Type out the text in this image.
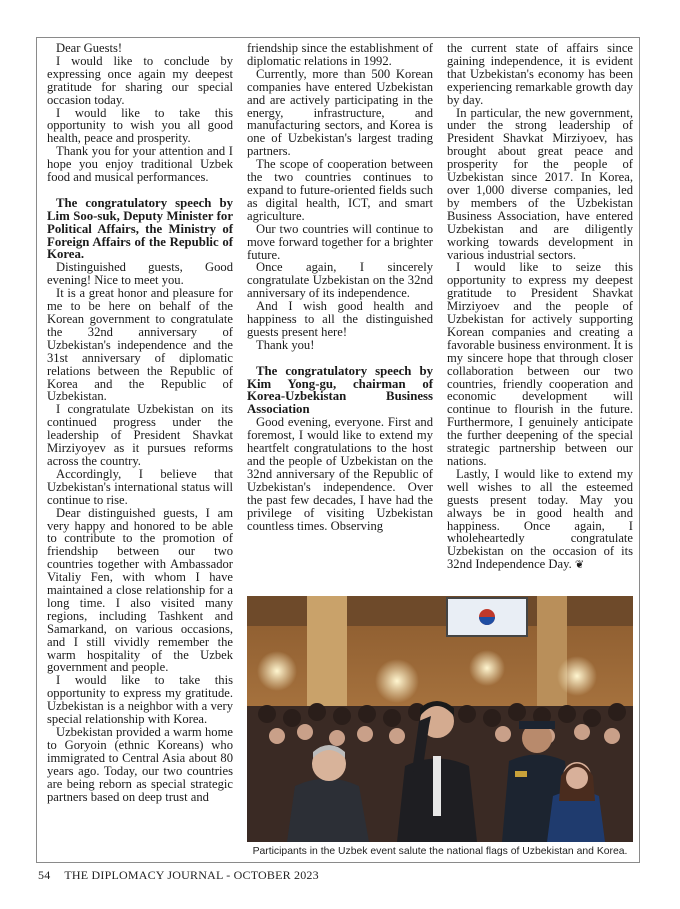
Dear Guests!

I would like to conclude by expressing once again my deepest gratitude for sharing our special occasion today.

I would like to take this opportunity to wish you all good health, peace and prosperity.

Thank you for your attention and I hope you enjoy traditional Uzbek food and musical performances.

The congratulatory speech by Lim Soo-suk, Deputy Minister for Political Affairs, the Ministry of Foreign Affairs of the Republic of Korea.

Distinguished guests, Good evening! Nice to meet you.

It is a great honor and pleasure for me to be here on behalf of the Korean government to congratulate the 32nd anniversary of Uzbekistan's independence and the 31st anniversary of diplomatic relations between the Republic of Korea and the Republic of Uzbekistan.

I congratulate Uzbekistan on its continued progress under the leadership of President Shavkat Mirziyoyev as it pursues reforms across the country.

Accordingly, I believe that Uzbekistan's international status will continue to rise.

Dear distinguished guests, I am very happy and honored to be able to contribute to the promotion of friendship between our two countries together with Ambassador Vitaliy Fen, with whom I have maintained a close relationship for a long time. I also visited many regions, including Tashkent and Samarkand, on various occasions, and I still vividly remember the warm hospitality of the Uzbek government and people.

I would like to take this opportunity to express my gratitude. Uzbekistan is a neighbor with a very special relationship with Korea.

Uzbekistan provided a warm home to Goryoin (ethnic Koreans) who immigrated to Central Asia about 80 years ago. Today, our two countries are being reborn as special strategic partners based on deep trust and

friendship since the establishment of diplomatic relations in 1992.

Currently, more than 500 Korean companies have entered Uzbekistan and are actively participating in the energy, infrastructure, and manufacturing sectors, and Korea is one of Uzbekistan's largest trading partners.

The scope of cooperation between the two countries continues to expand to future-oriented fields such as digital health, ICT, and smart agriculture.

Our two countries will continue to move forward together for a brighter future.

Once again, I sincerely congratulate Uzbekistan on the 32nd anniversary of its independence.

And I wish good health and happiness to all the distinguished guests present here!

Thank you!

The congratulatory speech by Kim Yong-gu, chairman of Korea-Uzbekistan Business Association

Good evening, everyone. First and foremost, I would like to extend my heartfelt congratulations to the host and the people of Uzbekistan on the 32nd anniversary of the Republic of Uzbekistan's independence. Over the past few decades, I have had the privilege of visiting Uzbekistan countless times. Observing

the current state of affairs since gaining independence, it is evident that Uzbekistan's economy has been experiencing remarkable growth day by day.

In particular, the new government, under the strong leadership of President Shavkat Mirziyoev, has brought about great peace and prosperity for the people of Uzbekistan since 2017. In Korea, over 1,000 diverse companies, led by members of the Uzbekistan Business Association, have entered Uzbekistan and are diligently working towards development in various industrial sectors.

I would like to seize this opportunity to express my deepest gratitude to President Shavkat Mirziyoev and the people of Uzbekistan for actively supporting Korean companies and creating a favorable business environment. It is my sincere hope that through closer collaboration between our two countries, friendly cooperation and economic development will continue to flourish in the future. Furthermore, I genuinely anticipate the further deepening of the special strategic partnership between our nations.

Lastly, I would like to extend my well wishes to all the esteemed guests present today. May you always be in good health and happiness. Once again, I wholeheartedly congratulate Uzbekistan on the occasion of its 32nd Independence Day. ❦

Participants in the Uzbek event salute the national flags of Uzbekistan and Korea.
54 THE DIPLOMACY JOURNAL - OCTOBER 2023
